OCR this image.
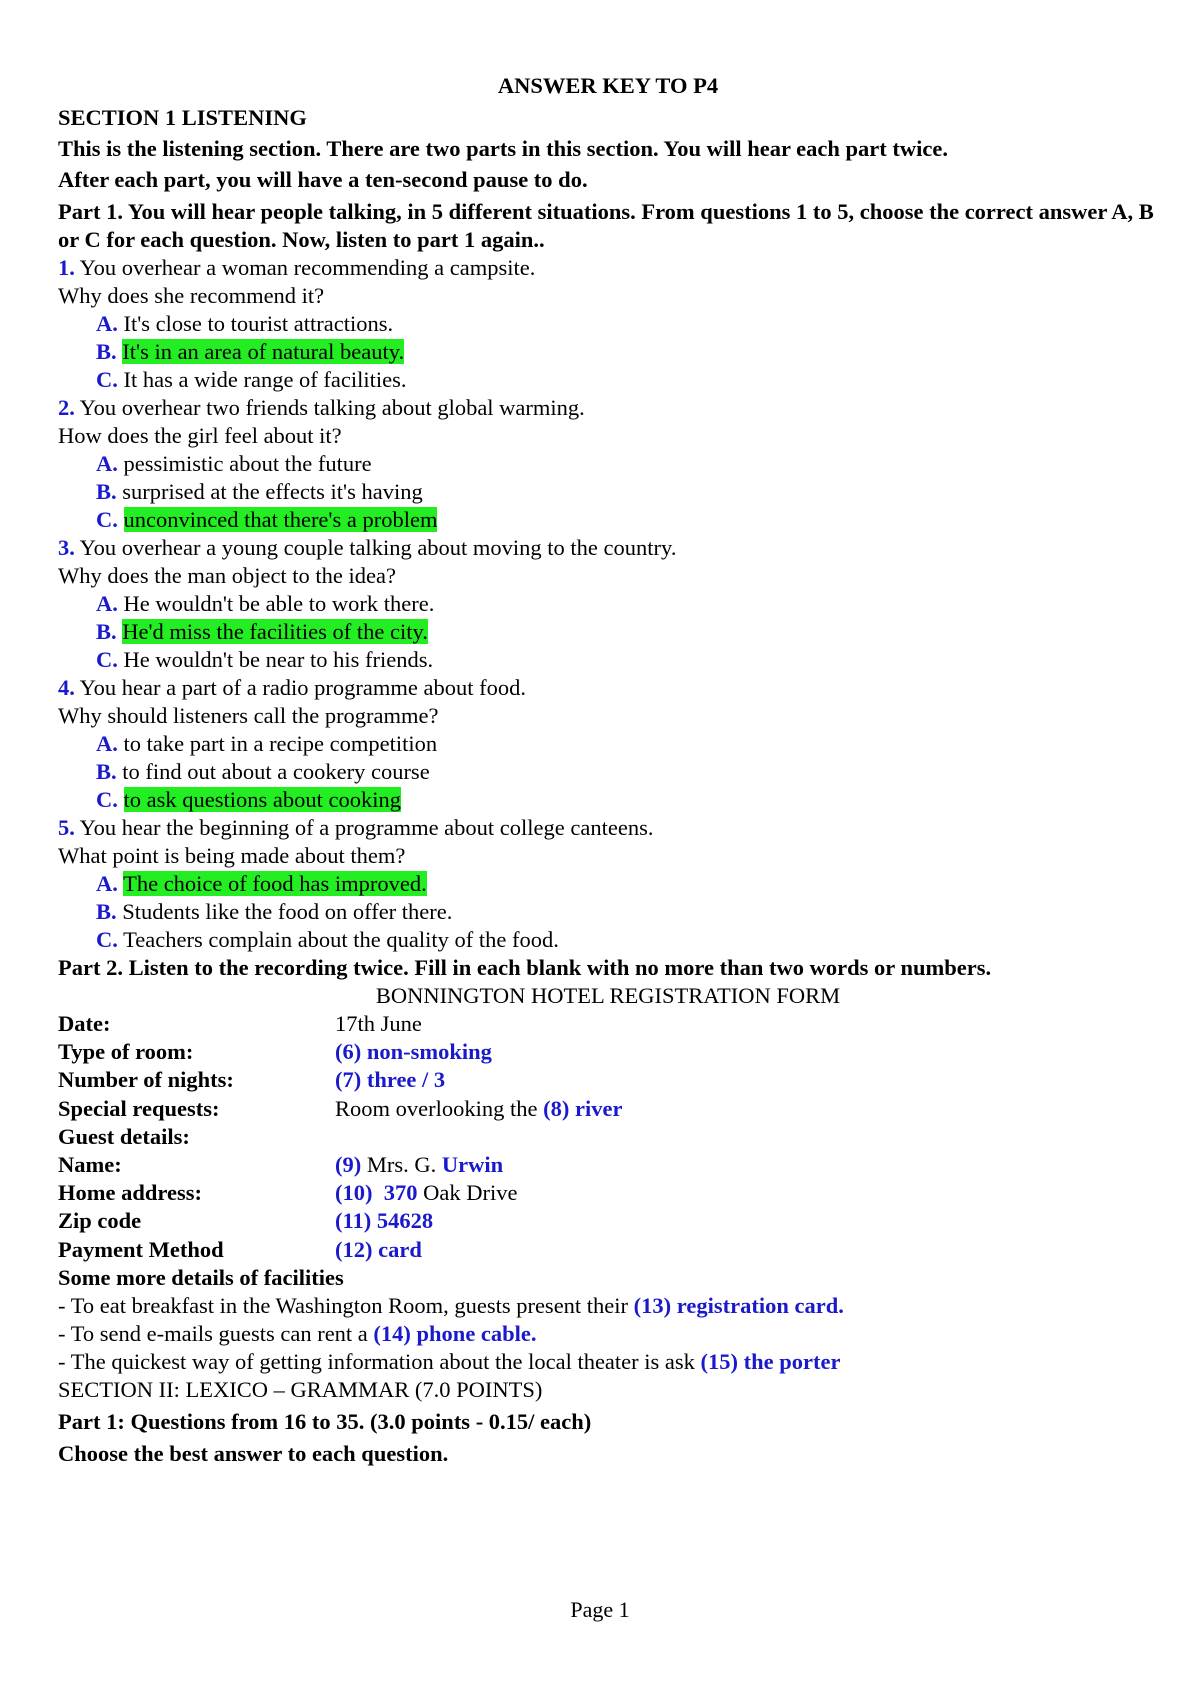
ANSWER KEY TO P4
SECTION 1 LISTENING
This is the listening section. There are two parts in this section. You will hear each part twice.
After each part, you will have a ten-second pause to do.
Part 1. You will hear people talking, in 5 different situations. From questions 1 to 5, choose the correct answer A, B or C for each question. Now, listen to part 1 again..
1. You overhear a woman recommending a campsite.
Why does she recommend it?
A. It's close to tourist attractions.
B. It's in an area of natural beauty.
C. It has a wide range of facilities.
2. You overhear two friends talking about global warming.
How does the girl feel about it?
A. pessimistic about the future
B. surprised at the effects it's having
C. unconvinced that there's a problem
3. You overhear a young couple talking about moving to the country.
Why does the man object to the idea?
A. He wouldn't be able to work there.
B. He'd miss the facilities of the city.
C. He wouldn't be near to his friends.
4. You hear a part of a radio programme about food.
Why should listeners call the programme?
A. to take part in a recipe competition
B. to find out about a cookery course
C. to ask questions about cooking
5. You hear the beginning of a programme about college canteens.
What point is being made about them?
A. The choice of food has improved.
B. Students like the food on offer there.
C. Teachers complain about the quality of the food.
Part 2. Listen to the recording twice. Fill in each blank with no more than two words or numbers.
BONNINGTON HOTEL REGISTRATION FORM
Date:	17th June
Type of room:	(6) non-smoking
Number of nights:	(7) three / 3
Special requests:	Room overlooking the (8) river
Guest details:
Name:	(9) Mrs. G. Urwin
Home address:	(10) 370 Oak Drive
Zip code	(11) 54628
Payment Method	(12) card
Some more details of facilities
- To eat breakfast in the Washington Room, guests present their (13) registration card.
- To send e-mails guests can rent a (14) phone cable.
- The quickest way of getting information about the local theater is ask (15) the porter
SECTION II: LEXICO – GRAMMAR (7.0 POINTS)
Part 1: Questions from 16 to 35. (3.0 points - 0.15/ each)
Choose the best answer to each question.
Page 1
